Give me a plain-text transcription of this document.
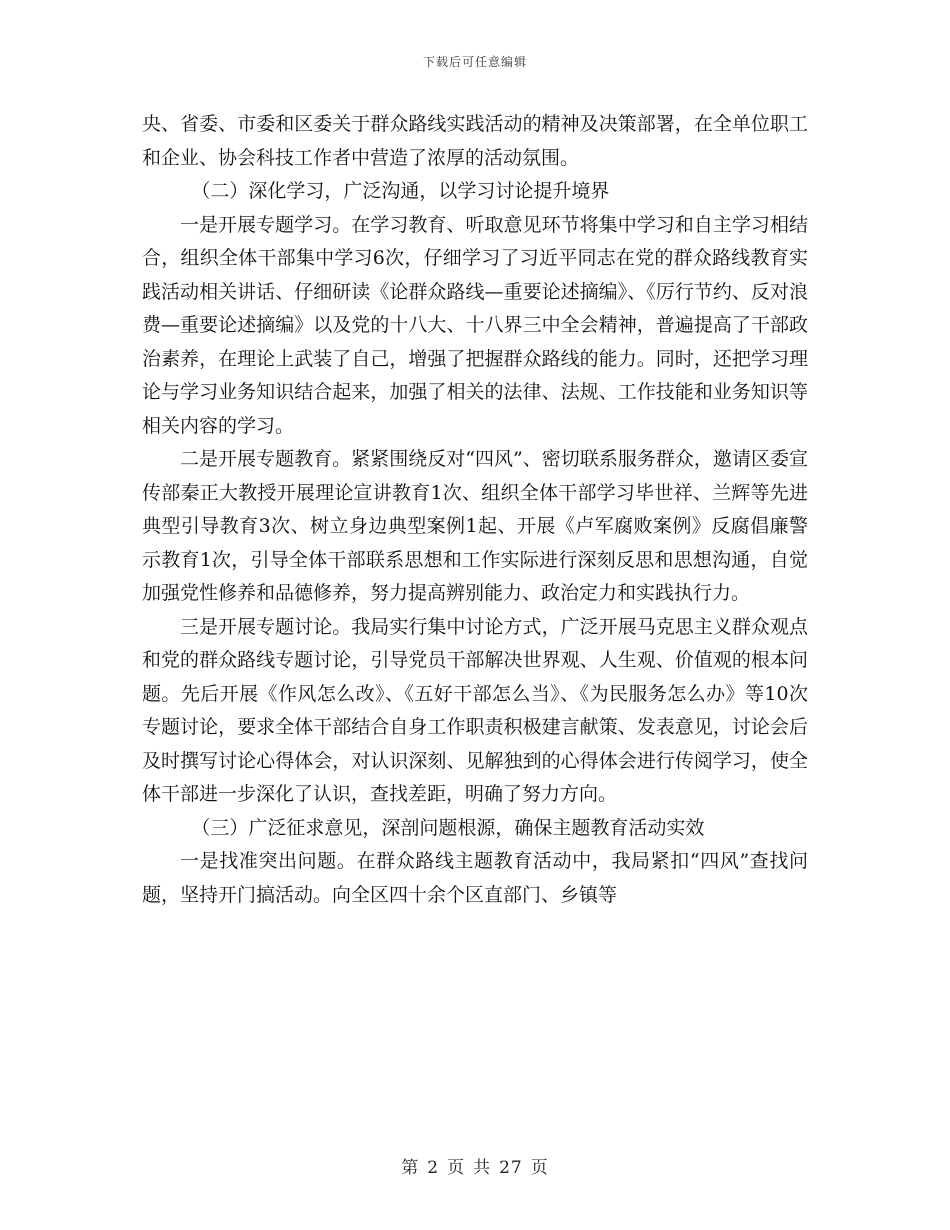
下载后可任意编辑

央、省委、市委和区委关于群众路线实践活动的精神及决策部署，在全单位职工和企业、协会科技工作者中营造了浓厚的活动氛围。

（二）深化学习，广泛沟通，以学习讨论提升境界

一是开展专题学习。在学习教育、听取意见环节将集中学习和自主学习相结合，组织全体干部集中学习6次，仔细学习了习近平同志在党的群众路线教育实践活动相关讲话、仔细研读《论群众路线—重要论述摘编》、《厉行节约、反对浪费—重要论述摘编》以及党的十八大、十八界三中全会精神，普遍提高了干部政治素养，在理论上武装了自己，增强了把握群众路线的能力。同时，还把学习理论与学习业务知识结合起来，加强了相关的法律、法规、工作技能和业务知识等相关内容的学习。

二是开展专题教育。紧紧围绕反对“四风”、密切联系服务群众，邀请区委宣传部秦正大教授开展理论宣讲教育1次、组织全体干部学习毕世祥、兰辉等先进典型引导教育3次、树立身边典型案例1起、开展《卢军腐败案例》反腐倡廉警示教育1次，引导全体干部联系思想和工作实际进行深刻反思和思想沟通，自觉加强党性修养和品德修养，努力提高辨别能力、政治定力和实践执行力。

三是开展专题讨论。我局实行集中讨论方式，广泛开展马克思主义群众观点和党的群众路线专题讨论，引导党员干部解决世界观、人生观、价值观的根本问题。先后开展《作风怎么改》、《五好干部怎么当》、《为民服务怎么办》等10次专题讨论，要求全体干部结合自身工作职责积极建言献策、发表意见，讨论会后及时撰写讨论心得体会，对认识深刻、见解独到的心得体会进行传阅学习，使全体干部进一步深化了认识，查找差距，明确了努力方向。

（三）广泛征求意见，深剖问题根源，确保主题教育活动实效

一是找准突出问题。在群众路线主题教育活动中，我局紧扣“四风”查找问题，坚持开门搞活动。向全区四十余个区直部门、乡镇等

第 2 页 共 27 页
